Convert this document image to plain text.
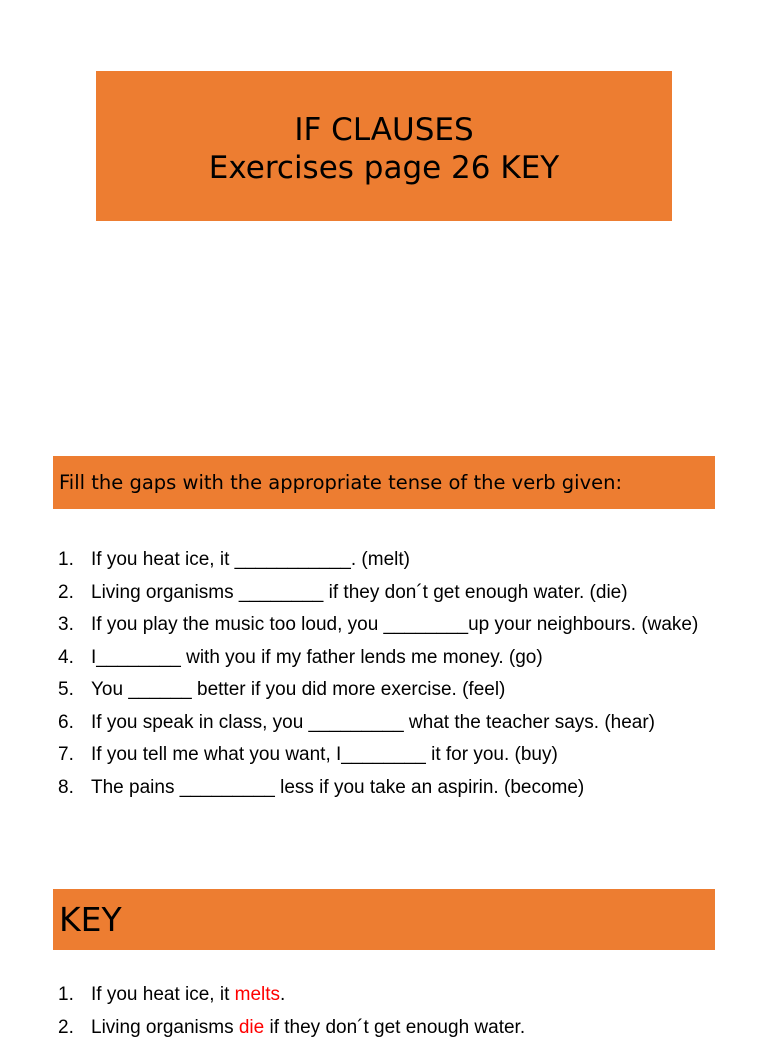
IF CLAUSES
Exercises page 26 KEY
Fill the gaps with the appropriate tense of the verb given:
1. If you heat ice, it ___________. (melt)
2. Living organisms ________ if they don´t get enough water. (die)
3. If you play the music too loud, you ________up your neighbours. (wake)
4. I________ with you if my father lends me money. (go)
5. You ______ better if you did more exercise. (feel)
6. If you speak in class, you _________ what the teacher says. (hear)
7. If you tell me what you want, I________ it for you. (buy)
8. The pains _________ less if you take an aspirin. (become)
KEY
1. If you heat ice, it melts.
2. Living organisms die if they don´t get enough water.
